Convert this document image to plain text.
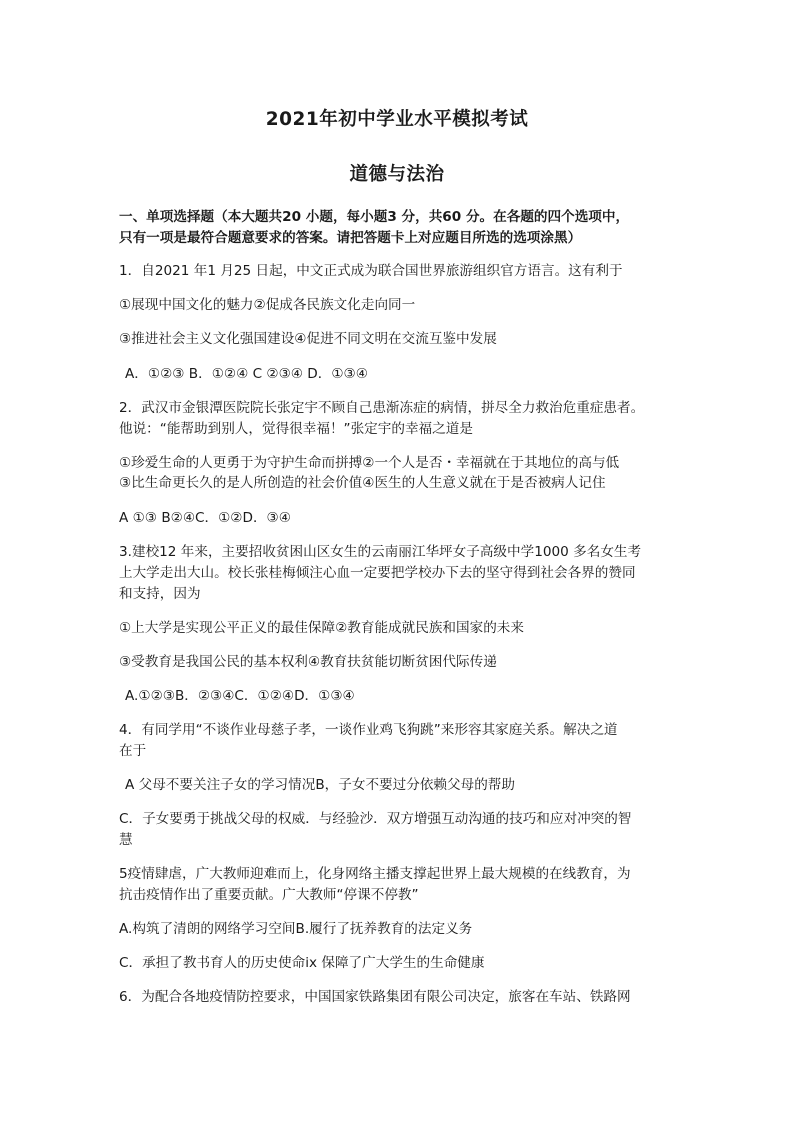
2021年初中学业水平模拟考试
道德与法治
一、单项选择题（本大题共20 小题，每小题3 分，共60 分。在各题的四个选项中，
只有一项是最符合题意要求的答案。请把答题卡上对应题目所选的选项涂黑）
1．自2021 年1 月25 日起，中文正式成为联合国世界旅游组织官方语言。这有利于
①展现中国文化的魅力②促成各民族文化走向同一
③推进社会主义文化强国建设④促进不同文明在交流互鉴中发展
A．①②③ B．①②④ C ②③④ D．①③④
2．武汉市金银潭医院院长张定宇不顾自己患渐冻症的病情，拼尽全力救治危重症患者。
他说：“能帮助到别人，觉得很幸福！”张定宇的幸福之道是
①珍爱生命的人更勇于为守护生命而拼搏②一个人是否・幸福就在于其地位的高与低
③比生命更长久的是人所创造的社会价值④医生的人生意义就在于是否被病人记住
A ①③ B②④C．①②D．③④
3.建校12 年来，主要招收贫困山区女生的云南丽江华坪女子高级中学1000 多名女生考
上大学走出大山。校长张桂梅倾注心血一定要把学校办下去的坚守得到社会各界的赞同
和支持，因为
①上大学是实现公平正义的最佳保障②教育能成就民族和国家的未来
③受教育是我国公民的基本权利④教育扶贫能切断贫困代际传递
A.①②③B．②③④C．①②④D．①③④
4．有同学用“不谈作业母慈子孝，一谈作业鸡飞狗跳”来形容其家庭关系。解决之道
在于
A 父母不要关注子女的学习情况B，子女不要过分依赖父母的帮助
C．子女要勇于挑战父母的权威．与经验沙．双方增强互动沟通的技巧和应对冲突的智
慧
5疫情肆虐，广大教师迎难而上，化身网络主播支撑起世界上最大规模的在线教育，为
抗击疫情作出了重要贡献。广大教师“停课不停教”
A.构筑了清朗的网络学习空间B.履行了抚养教育的法定义务
C．承担了教书育人的历史使命ix 保障了广大学生的生命健康
6．为配合各地疫情防控要求，中国国家铁路集团有限公司决定，旅客在车站、铁路网
